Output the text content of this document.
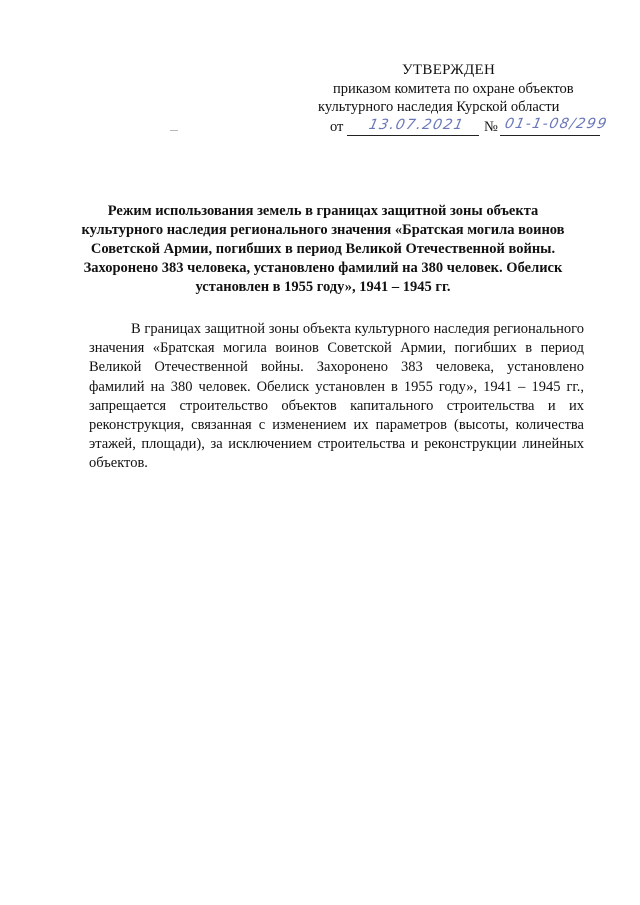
УТВЕРЖДЕН
приказом комитета по охране объектов
культурного наследия Курской области
от 13.07.2021 № 01-1-08/299
Режим использования земель в границах защитной зоны объекта культурного наследия регионального значения «Братская могила воинов Советской Армии, погибших в период Великой Отечественной войны. Захоронено 383 человека, установлено фамилий на 380 человек. Обелиск установлен в 1955 году», 1941 – 1945 гг.
В границах защитной зоны объекта культурного наследия регионального значения «Братская могила воинов Советской Армии, погибших в период Великой Отечественной войны. Захоронено 383 человека, установлено фамилий на 380 человек. Обелиск установлен в 1955 году», 1941 – 1945 гг., запрещается строительство объектов капитального строительства и их реконструкция, связанная с изменением их параметров (высоты, количества этажей, площади), за исключением строительства и реконструкции линейных объектов.
